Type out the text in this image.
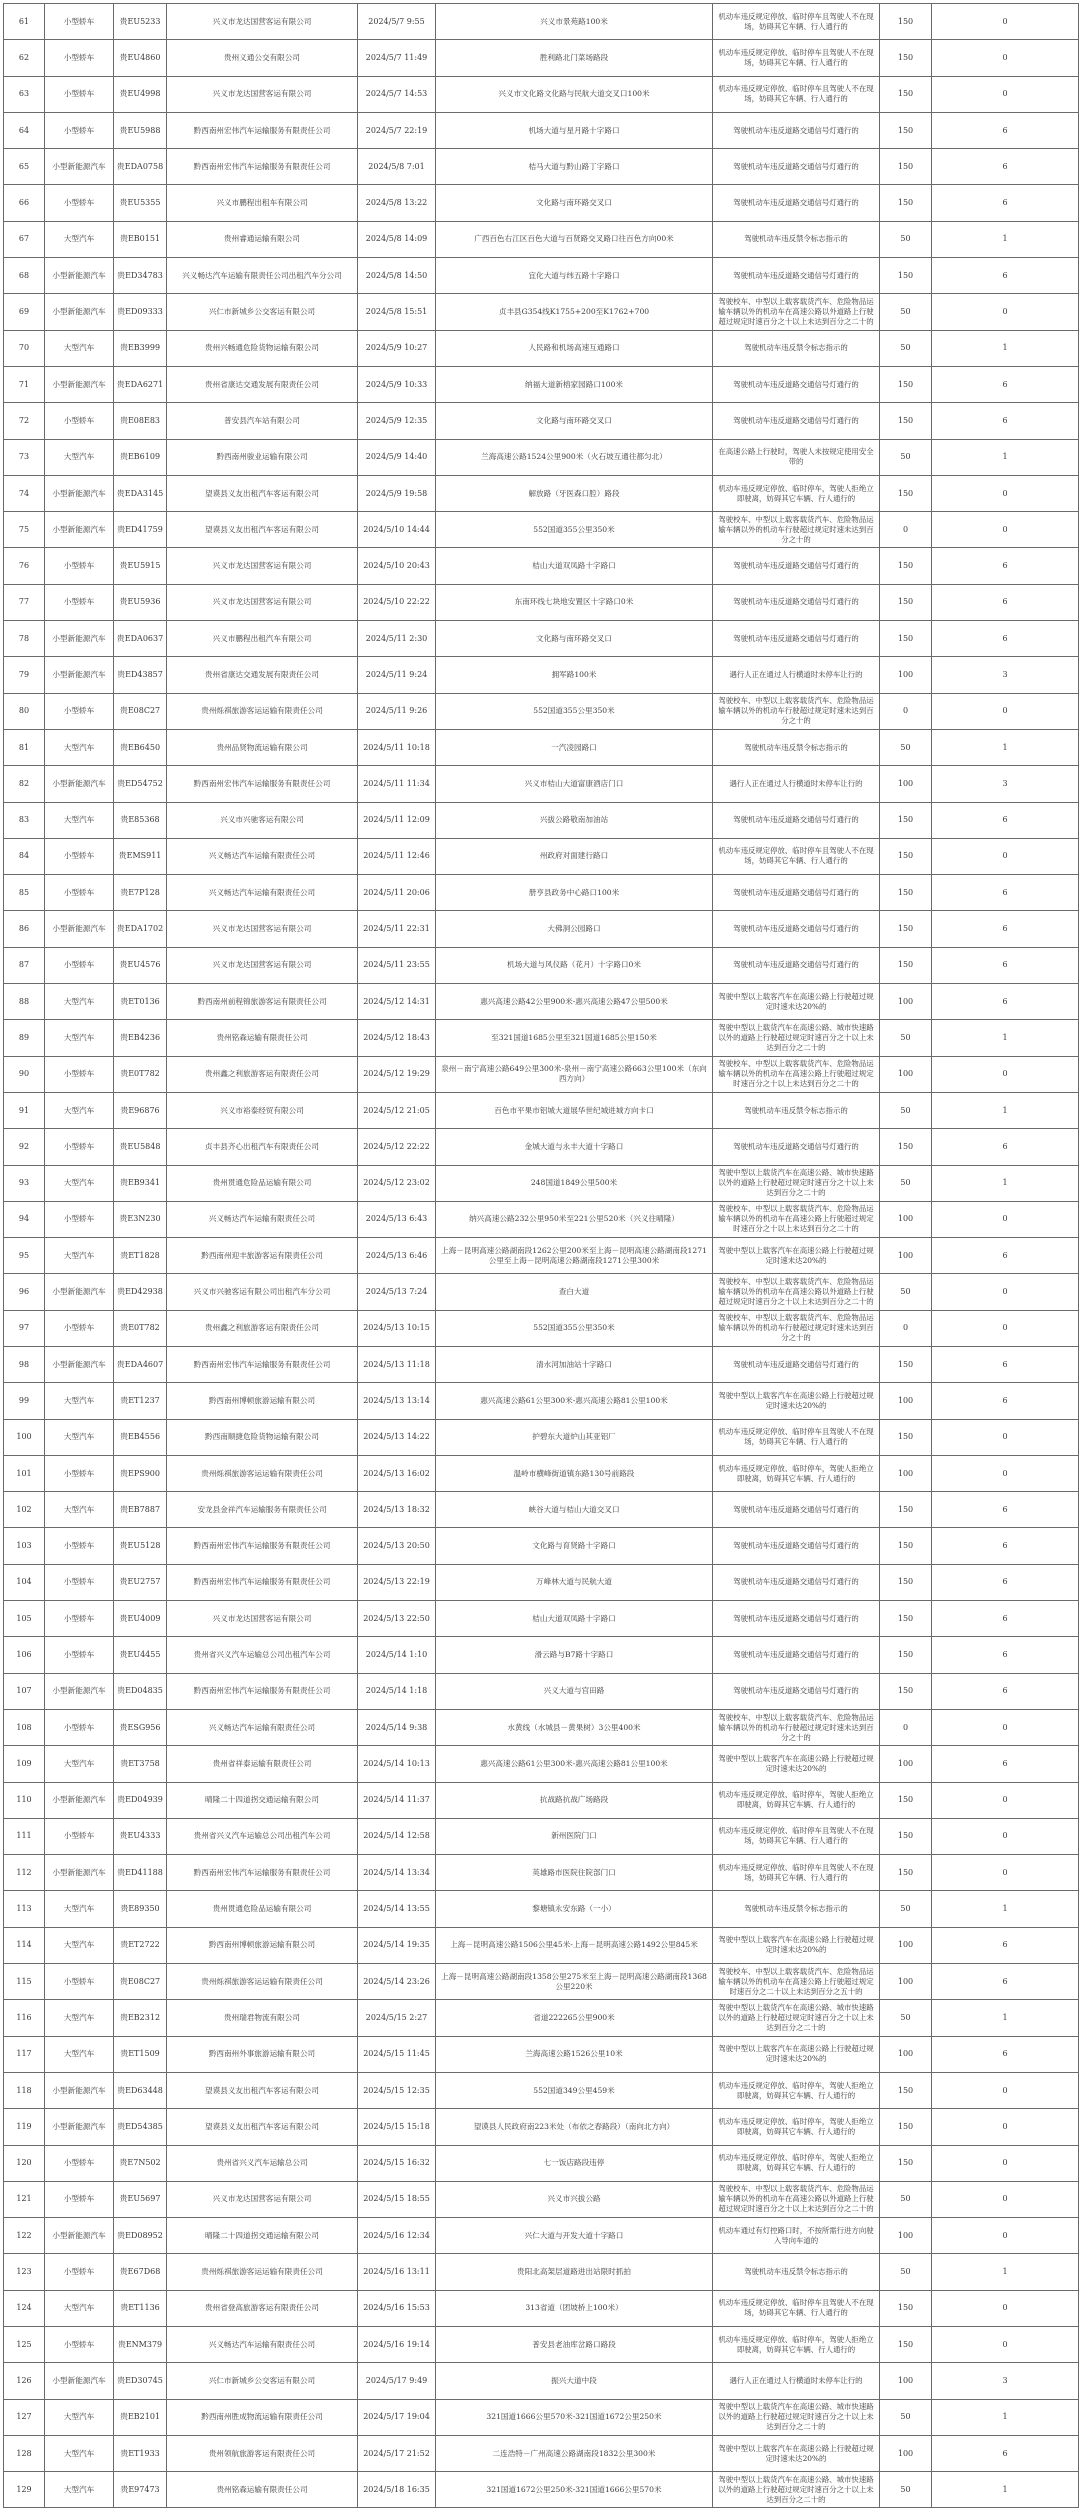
61	小型轿车	贵EU5233	兴义市龙达国营客运有限公司	2024/5/7 9:55	兴义市景苑路100米	机动车违反规定停放、临时停车且驾驶人不在现场，妨碍其它车辆、行人通行的	150	0
62	小型轿车	贵EU4860	贵州义通公交有限公司	2024/5/7 11:49	胜利路北门菜场路段	机动车违反规定停放、临时停车且驾驶人不在现场，妨碍其它车辆、行人通行的	150	0
63	小型轿车	贵EU4998	兴义市龙达国营客运有限公司	2024/5/7 14:53	兴义市文化路文化路与民航大道交叉口100米	机动车违反规定停放、临时停车且驾驶人不在现场，妨碍其它车辆、行人通行的	150	0
64	小型轿车	贵EU5988	黔西南州宏伟汽车运输服务有限责任公司	2024/5/7 22:19	机场大道与星月路十字路口	驾驶机动车违反道路交通信号灯通行的	150	6
65	小型新能源汽车	贵EDA0758	黔西南州宏伟汽车运输服务有限责任公司	2024/5/8 7:01	桔马大道与黔山路丁字路口	驾驶机动车违反道路交通信号灯通行的	150	6
66	小型轿车	贵EU5355	兴义市鹏程出租车有限公司	2024/5/8 13:22	文化路与南环路交叉口	驾驶机动车违反道路交通信号灯通行的	150	6
67	大型汽车	贵EB0151	贵州睿通运输有限公司	2024/5/8 14:09	广西百色右江区百色大道与百贤路交叉路口往百色方向00米	驾驶机动车违反禁令标志指示的	50	1
68	小型新能源汽车	贵ED34783	兴义畅达汽车运输有限责任公司出租汽车分公司	2024/5/8 14:50	宜化大道与纬五路十字路口	驾驶机动车违反道路交通信号灯通行的	150	6
69	小型新能源汽车	贵ED09333	兴仁市新城乡公交客运有限公司	2024/5/8 15:51	贞丰县G354线K1755+200至K1762+700	驾驶校车、中型以上载客载货汽车、危险物品运输车辆以外的机动车在高速公路以外道路上行驶超过规定时速百分之十以上未达到百分之二十的	50	0
70	大型汽车	贵EB3999	贵州兴畅通危险货物运输有限公司	2024/5/9 10:27	人民路和机场高速互通路口	驾驶机动车违反禁令标志指示的	50	1
71	小型新能源汽车	贵EDA6271	贵州省康达交通发展有限责任公司	2024/5/9 10:33	纳福大道新榕家园路口100米	驾驶机动车违反道路交通信号灯通行的	150	6
72	小型轿车	贵E08E83	普安县汽车站有限公司	2024/5/9 12:35	文化路与南环路交叉口	驾驶机动车违反道路交通信号灯通行的	150	6
73	大型汽车	贵EB6109	黔西南州骏业运输有限公司	2024/5/9 14:40	兰海高速公路1524公里900米（火石坡互通往都匀北）	在高速公路上行驶时，驾驶人未按规定使用安全带的	50	1
74	小型新能源汽车	贵EDA3145	望谟县义友出租汽车客运有限公司	2024/5/9 19:58	解放路（牙医森口腔）路段	机动车违反规定停放、临时停车，驾驶人拒绝立即驶离，妨碍其它车辆、行人通行的	150	0
75	小型新能源汽车	贵ED41759	望谟县义友出租汽车客运有限公司	2024/5/10 14:44	552国道355公里350米	驾驶校车、中型以上载客载货汽车、危险物品运输车辆以外的机动车行驶超过规定时速未达到百分之十的	0	0
76	小型轿车	贵EU5915	兴义市龙达国营客运有限公司	2024/5/10 20:43	桔山大道双凤路十字路口	驾驶机动车违反道路交通信号灯通行的	150	6
77	小型轿车	贵EU5936	兴义市龙达国营客运有限公司	2024/5/10 22:22	东南环线七块地安置区十字路口0米	驾驶机动车违反道路交通信号灯通行的	150	6
78	小型新能源汽车	贵EDA0637	兴义市鹏程出租汽车有限公司	2024/5/11 2:30	文化路与南环路交叉口	驾驶机动车违反道路交通信号灯通行的	150	6
79	小型新能源汽车	贵ED43857	贵州省康达交通发展有限责任公司	2024/5/11 9:24	拥军路100米	遇行人正在通过人行横道时未停车让行的	100	3
80	小型轿车	贵E08C27	贵州烁祺旅游客运运输有限责任公司	2024/5/11 9:26	552国道355公里350米	驾驶校车、中型以上载客载货汽车、危险物品运输车辆以外的机动车行驶超过规定时速未达到百分之十的	0	0
81	大型汽车	贵EB6450	贵州品贤物流运输有限公司	2024/5/11 10:18	一汽凌园路口	驾驶机动车违反禁令标志指示的	50	1
82	小型新能源汽车	贵ED54752	黔西南州宏伟汽车运输服务有限责任公司	2024/5/11 11:34	兴义市桔山大道富康酒店门口	遇行人正在通过人行横道时未停车让行的	100	3
83	大型汽车	贵E85368	兴义市兴驰客运有限公司	2024/5/11 12:09	兴拔公路敬南加油站	驾驶机动车违反道路交通信号灯通行的	150	6
84	小型轿车	贵EMS911	兴义畅达汽车运输有限责任公司	2024/5/11 12:46	州政府对面建行路口	机动车违反规定停放、临时停车且驾驶人不在现场，妨碍其它车辆、行人通行的	150	0
85	小型轿车	贵E7P128	兴义畅达汽车运输有限责任公司	2024/5/11 20:06	册亨县政务中心路口100米	驾驶机动车违反道路交通信号灯通行的	150	6
86	小型新能源汽车	贵EDA1702	兴义市龙达国营客运有限公司	2024/5/11 22:31	大佛洞公园路口	驾驶机动车违反道路交通信号灯通行的	150	6
87	小型轿车	贵EU4576	兴义市龙达国营客运有限公司	2024/5/11 23:55	机场大道与风仪路（花月）十字路口0米	驾驶机动车违反道路交通信号灯通行的	150	6
88	大型汽车	贵ET0136	黔西南州前程锦旅游客运有限责任公司	2024/5/12 14:31	惠兴高速公路42公里900米-惠兴高速公路47公里500米	驾驶中型以上载客汽车在高速公路上行驶超过规定时速未达20%的	100	6
89	大型汽车	贵EB4236	贵州铭森运输有限责任公司	2024/5/12 18:43	至321国道1685公里至321国道1685公里150米	驾驶中型以上载货汽车在高速公路、城市快速路以外的道路上行驶超过规定时速百分之十以上未达到百分之二十的	50	1
90	小型轿车	贵E0T782	贵州鑫之利旅游客运有限责任公司	2024/5/12 19:29	泉州－南宁高速公路649公里300米-泉州－南宁高速公路663公里100米（东向西方向）	驾驶校车、中型以上载客载货汽车、危险物品运输车辆以外的机动车在高速公路上行驶超过规定时速百分之十以上未达到百分之二十的	100	0
91	大型汽车	贵E96876	兴义市裕泰经贸有限公司	2024/5/12 21:05	百色市平果市铝城大道展华世纪城进城方向卡口	驾驶机动车违反禁令标志指示的	50	1
92	小型轿车	贵EU5848	贞丰县齐心出租汽车有限责任公司	2024/5/12 22:22	金城大道与永丰大道十字路口	驾驶机动车违反道路交通信号灯通行的	150	6
93	大型汽车	贵EB9341	贵州贯通危险品运输有限公司	2024/5/12 23:02	248国道1849公里500米	驾驶中型以上载货汽车在高速公路、城市快速路以外的道路上行驶超过规定时速百分之十以上未达到百分之二十的	50	1
94	小型轿车	贵E3N230	兴义畅达汽车运输有限责任公司	2024/5/13 6:43	纳兴高速公路232公里950米至221公里520米（兴义往晴隆）	驾驶校车、中型以上载客载货汽车、危险物品运输车辆以外的机动车在高速公路上行驶超过规定时速百分之十以上未达到百分之二十的	100	0
95	大型汽车	贵ET1828	黔西南州迎丰旅游客运有限责任公司	2024/5/13 6:46	上海－昆明高速公路湖南段1262公里200米至上海－昆明高速公路湖南段1271公里至上海－昆明高速公路湖南段1271公里300米	驾驶中型以上载客汽车在高速公路上行驶超过规定时速未达20%的	100	6
96	小型新能源汽车	贵ED42938	兴义市兴驰客运有限公司出租汽车分公司	2024/5/13 7:24	查白大道	驾驶校车、中型以上载客载货汽车、危险物品运输车辆以外的机动车在高速公路以外道路上行驶超过规定时速百分之十以上未达到百分之二十的	50	0
97	小型轿车	贵E0T782	贵州鑫之利旅游客运有限责任公司	2024/5/13 10:15	552国道355公里350米	驾驶校车、中型以上载客载货汽车、危险物品运输车辆以外的机动车行驶超过规定时速未达到百分之十的	0	0
98	小型新能源汽车	贵EDA4607	黔西南州宏伟汽车运输服务有限责任公司	2024/5/13 11:18	清水河加油站十字路口	驾驶机动车违反道路交通信号灯通行的	150	6
99	大型汽车	贵ET1237	黔西南州博顿旅游运输有限公司	2024/5/13 13:14	惠兴高速公路61公里300米-惠兴高速公路81公里100米	驾驶中型以上载客汽车在高速公路上行驶超过规定时速未达20%的	100	6
100	大型汽车	贵EB4556	黔西南顺捷危险货物运输有限公司	2024/5/13 14:22	护碧东大道炉山其亚铝厂	机动车违反规定停放、临时停车且驾驶人不在现场，妨碍其它车辆、行人通行的	150	0
101	小型轿车	贵EPS900	贵州烁祺旅游客运运输有限责任公司	2024/5/13 16:02	温岭市横峰街道镇东路130号前路段	机动车违反规定停放、临时停车，驾驶人拒绝立即驶离，妨碍其它车辆、行人通行的	100	0
102	大型汽车	贵EB7887	安龙县金祥汽车运输服务有限责任公司	2024/5/13 18:32	峡谷大道与桔山大道交叉口	驾驶机动车违反道路交通信号灯通行的	150	6
103	小型轿车	贵EU5128	黔西南州宏伟汽车运输服务有限责任公司	2024/5/13 20:50	文化路与育贤路十字路口	驾驶机动车违反道路交通信号灯通行的	150	6
104	小型轿车	贵EU2757	黔西南州宏伟汽车运输服务有限责任公司	2024/5/13 22:19	万峰林大道与民航大道	驾驶机动车违反道路交通信号灯通行的	150	6
105	小型轿车	贵EU4009	兴义市龙达国营客运有限公司	2024/5/13 22:50	桔山大道双凤路十字路口	驾驶机动车违反道路交通信号灯通行的	150	6
106	小型轿车	贵EU4455	贵州省兴义汽车运输总公司出租汽车公司	2024/5/14 1:10	滑云路与B7路十字路口	驾驶机动车违反道路交通信号灯通行的	150	6
107	小型新能源汽车	贵ED04835	黔西南州宏伟汽车运输服务有限责任公司	2024/5/14 1:18	兴义大道与官田路	驾驶机动车违反道路交通信号灯通行的	150	6
108	小型轿车	贵ESG956	兴义畅达汽车运输有限责任公司	2024/5/14 9:38	水黄线（水城县－黄果树）3公里400米	驾驶校车、中型以上载客载货汽车、危险物品运输车辆以外的机动车行驶超过规定时速未达到百分之十的	0	0
109	大型汽车	贵ET3758	贵州省祥泰运输有限责任公司	2024/5/14 10:13	惠兴高速公路61公里300米-惠兴高速公路81公里100米	驾驶中型以上载客汽车在高速公路上行驶超过规定时速未达20%的	100	6
110	小型新能源汽车	贵ED04939	晴隆二十四道拐交通运输有限公司	2024/5/14 11:37	抗战路抗战广场路段	机动车违反规定停放、临时停车，驾驶人拒绝立即驶离，妨碍其它车辆、行人通行的	150	0
111	小型轿车	贵EU4333	贵州省兴义汽车运输总公司出租汽车公司	2024/5/14 12:58	新州医院门口	机动车违反规定停放、临时停车且驾驶人不在现场，妨碍其它车辆、行人通行的	150	0
112	小型新能源汽车	贵ED41188	黔西南州宏伟汽车运输服务有限责任公司	2024/5/14 13:34	英雄路市医院住院部门口	机动车违反规定停放、临时停车且驾驶人不在现场，妨碍其它车辆、行人通行的	150	0
113	大型汽车	贵E89350	贵州贯通危险品运输有限公司	2024/5/14 13:55	黎塘镇永安东路（一小）	驾驶机动车违反禁令标志指示的	50	1
114	大型汽车	贵ET2722	黔西南州博顿旅游运输有限公司	2024/5/14 19:35	上海－昆明高速公路1506公里45米-上海－昆明高速公路1492公里845米	驾驶中型以上载客汽车在高速公路上行驶超过规定时速未达20%的	100	6
115	小型轿车	贵E08C27	贵州烁祺旅游客运运输有限责任公司	2024/5/14 23:26	上海－昆明高速公路湖南段1358公里275米至上海－昆明高速公路湖南段1368公里220米	驾驶校车、中型以上载客载货汽车、危险物品运输车辆以外的机动车在高速公路上行驶超过规定时速百分之二十以上未达到百分之五十的	100	6
116	大型汽车	贵EB2312	贵州瑞君物流有限公司	2024/5/15 2:27	省道222265公里900米	驾驶中型以上载货汽车在高速公路、城市快速路以外的道路上行驶超过规定时速百分之十以上未达到百分之二十的	50	1
117	大型汽车	贵ET1509	黔西南州外事旅游运输有限公司	2024/5/15 11:45	兰海高速公路1526公里10米	驾驶中型以上载客汽车在高速公路上行驶超过规定时速未达20%的	100	6
118	小型新能源汽车	贵ED63448	望谟县义友出租汽车客运有限公司	2024/5/15 12:35	552国道349公里459米	机动车违反规定停放、临时停车，驾驶人拒绝立即驶离，妨碍其它车辆、行人通行的	150	0
119	小型新能源汽车	贵ED54385	望谟县义友出租汽车客运有限公司	2024/5/15 15:18	望谟县人民政府南223米处（布依之春路段）（南向北方向）	机动车违反规定停放、临时停车，驾驶人拒绝立即驶离，妨碍其它车辆、行人通行的	150	0
120	小型轿车	贵E7N502	贵州省兴义汽车运输总公司	2024/5/15 16:32	七一饭店路段违停	机动车违反规定停放、临时停车，驾驶人拒绝立即驶离，妨碍其它车辆、行人通行的	150	0
121	小型轿车	贵EU5697	兴义市龙达国营客运有限公司	2024/5/15 18:55	兴义市兴拔公路	驾驶校车、中型以上载客载货汽车、危险物品运输车辆以外的机动车在高速公路以外道路上行驶超过规定时速百分之十以上未达到百分之二十的	50	0
122	小型新能源汽车	贵ED08952	晴隆二十四道拐交通运输有限公司	2024/5/16 12:34	兴仁大道与开发大道十字路口	机动车通过有灯控路口时，不按所需行进方向驶入导向车道的	100	0
123	小型轿车	贵E67D68	贵州烁祺旅游客运运输有限责任公司	2024/5/16 13:11	贵阳北高架层道路进出站限时抓拍	驾驶机动车违反禁令标志指示的	50	1
124	大型汽车	贵ET1136	贵州省登高旅游客运有限责任公司	2024/5/16 15:53	313省道（团坡桥上100米）	机动车违反规定停放、临时停车且驾驶人不在现场，妨碍其它车辆、行人通行的	150	0
125	小型轿车	贵ENM379	兴义畅达汽车运输有限责任公司	2024/5/16 19:14	普安县老油库岔路口路段	机动车违反规定停放、临时停车，驾驶人拒绝立即驶离，妨碍其它车辆、行人通行的	150	0
126	小型新能源汽车	贵ED30745	兴仁市新城乡公交客运有限公司	2024/5/17 9:49	振兴大道中段	遇行人正在通过人行横道时未停车让行的	100	3
127	大型汽车	贵EB2101	黔西南州胜成物流运输有限责任公司	2024/5/17 19:04	321国道1666公里570米-321国道1672公里250米	驾驶中型以上载货汽车在高速公路、城市快速路以外的道路上行驶超过规定时速百分之十以上未达到百分之二十的	50	1
128	大型汽车	贵ET1933	贵州领航旅游客运有限责任公司	2024/5/17 21:52	二连浩特－广州高速公路湖南段1832公里300米	驾驶中型以上载客汽车在高速公路上行驶超过规定时速未达20%的	100	6
129	大型汽车	贵E97473	贵州铭森运输有限责任公司	2024/5/18 16:35	321国道1672公里250米-321国道1666公里570米	驾驶中型以上载货汽车在高速公路、城市快速路以外的道路上行驶超过规定时速百分之十以上未达到百分之二十的	50	1
